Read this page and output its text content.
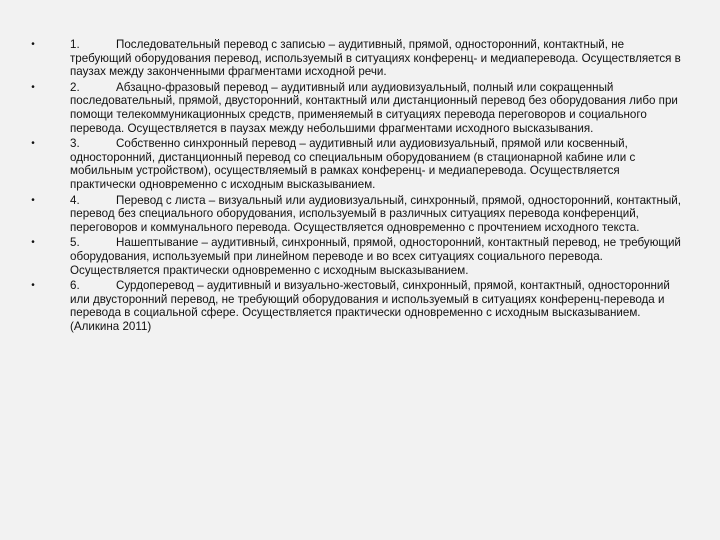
•	1.	Последовательный перевод с записью – аудитивный, прямой, односторонний, контактный, не требующий оборудования перевод, используемый в ситуациях конференц- и медиаперевода. Осуществляется в паузах между законченными фрагментами исходной речи.
•	2.	Абзацно-фразовый перевод – аудитивный или аудиовизуальный, полный или сокращенный последовательный, прямой, двусторонний, контактный или дистанционный перевод без оборудования либо при помощи телекоммуникационных средств, применяемый в ситуациях перевода переговоров и социального перевода. Осуществляется в паузах между небольшими фрагментами исходного высказывания.
•	3.	Собственно синхронный перевод – аудитивный или аудиовизуальный, прямой или косвенный, односторонний, дистанционный перевод со специальным оборудованием (в стационарной кабине или с мобильным устройством), осуществляемый в рамках конференц- и медиаперевода. Осуществляется практически одновременно с исходным высказыванием.
•	4.	Перевод с листа – визуальный или аудиовизуальный, синхронный, прямой, односторонний, контактный, перевод без специального оборудования, используемый в различных ситуациях перевода конференций, переговоров и коммунального перевода. Осуществляется одновременно с прочтением исходного текста.
•	5.	Нашептывание – аудитивный, синхронный, прямой, односторонний, контактный перевод, не требующий оборудования, используемый при линейном переводе и во всех ситуациях социального перевода. Осуществляется практически одновременно с исходным высказыванием.
•	6.	Сурдоперевод – аудитивный и визуально-жестовый, синхронный, прямой, контактный, односторонний или двусторонний перевод, не требующий оборудования и используемый в ситуациях конференц-перевода и перевода в социальной сфере. Осуществляется практически одновременно с исходным высказыванием. (Аликина 2011)
